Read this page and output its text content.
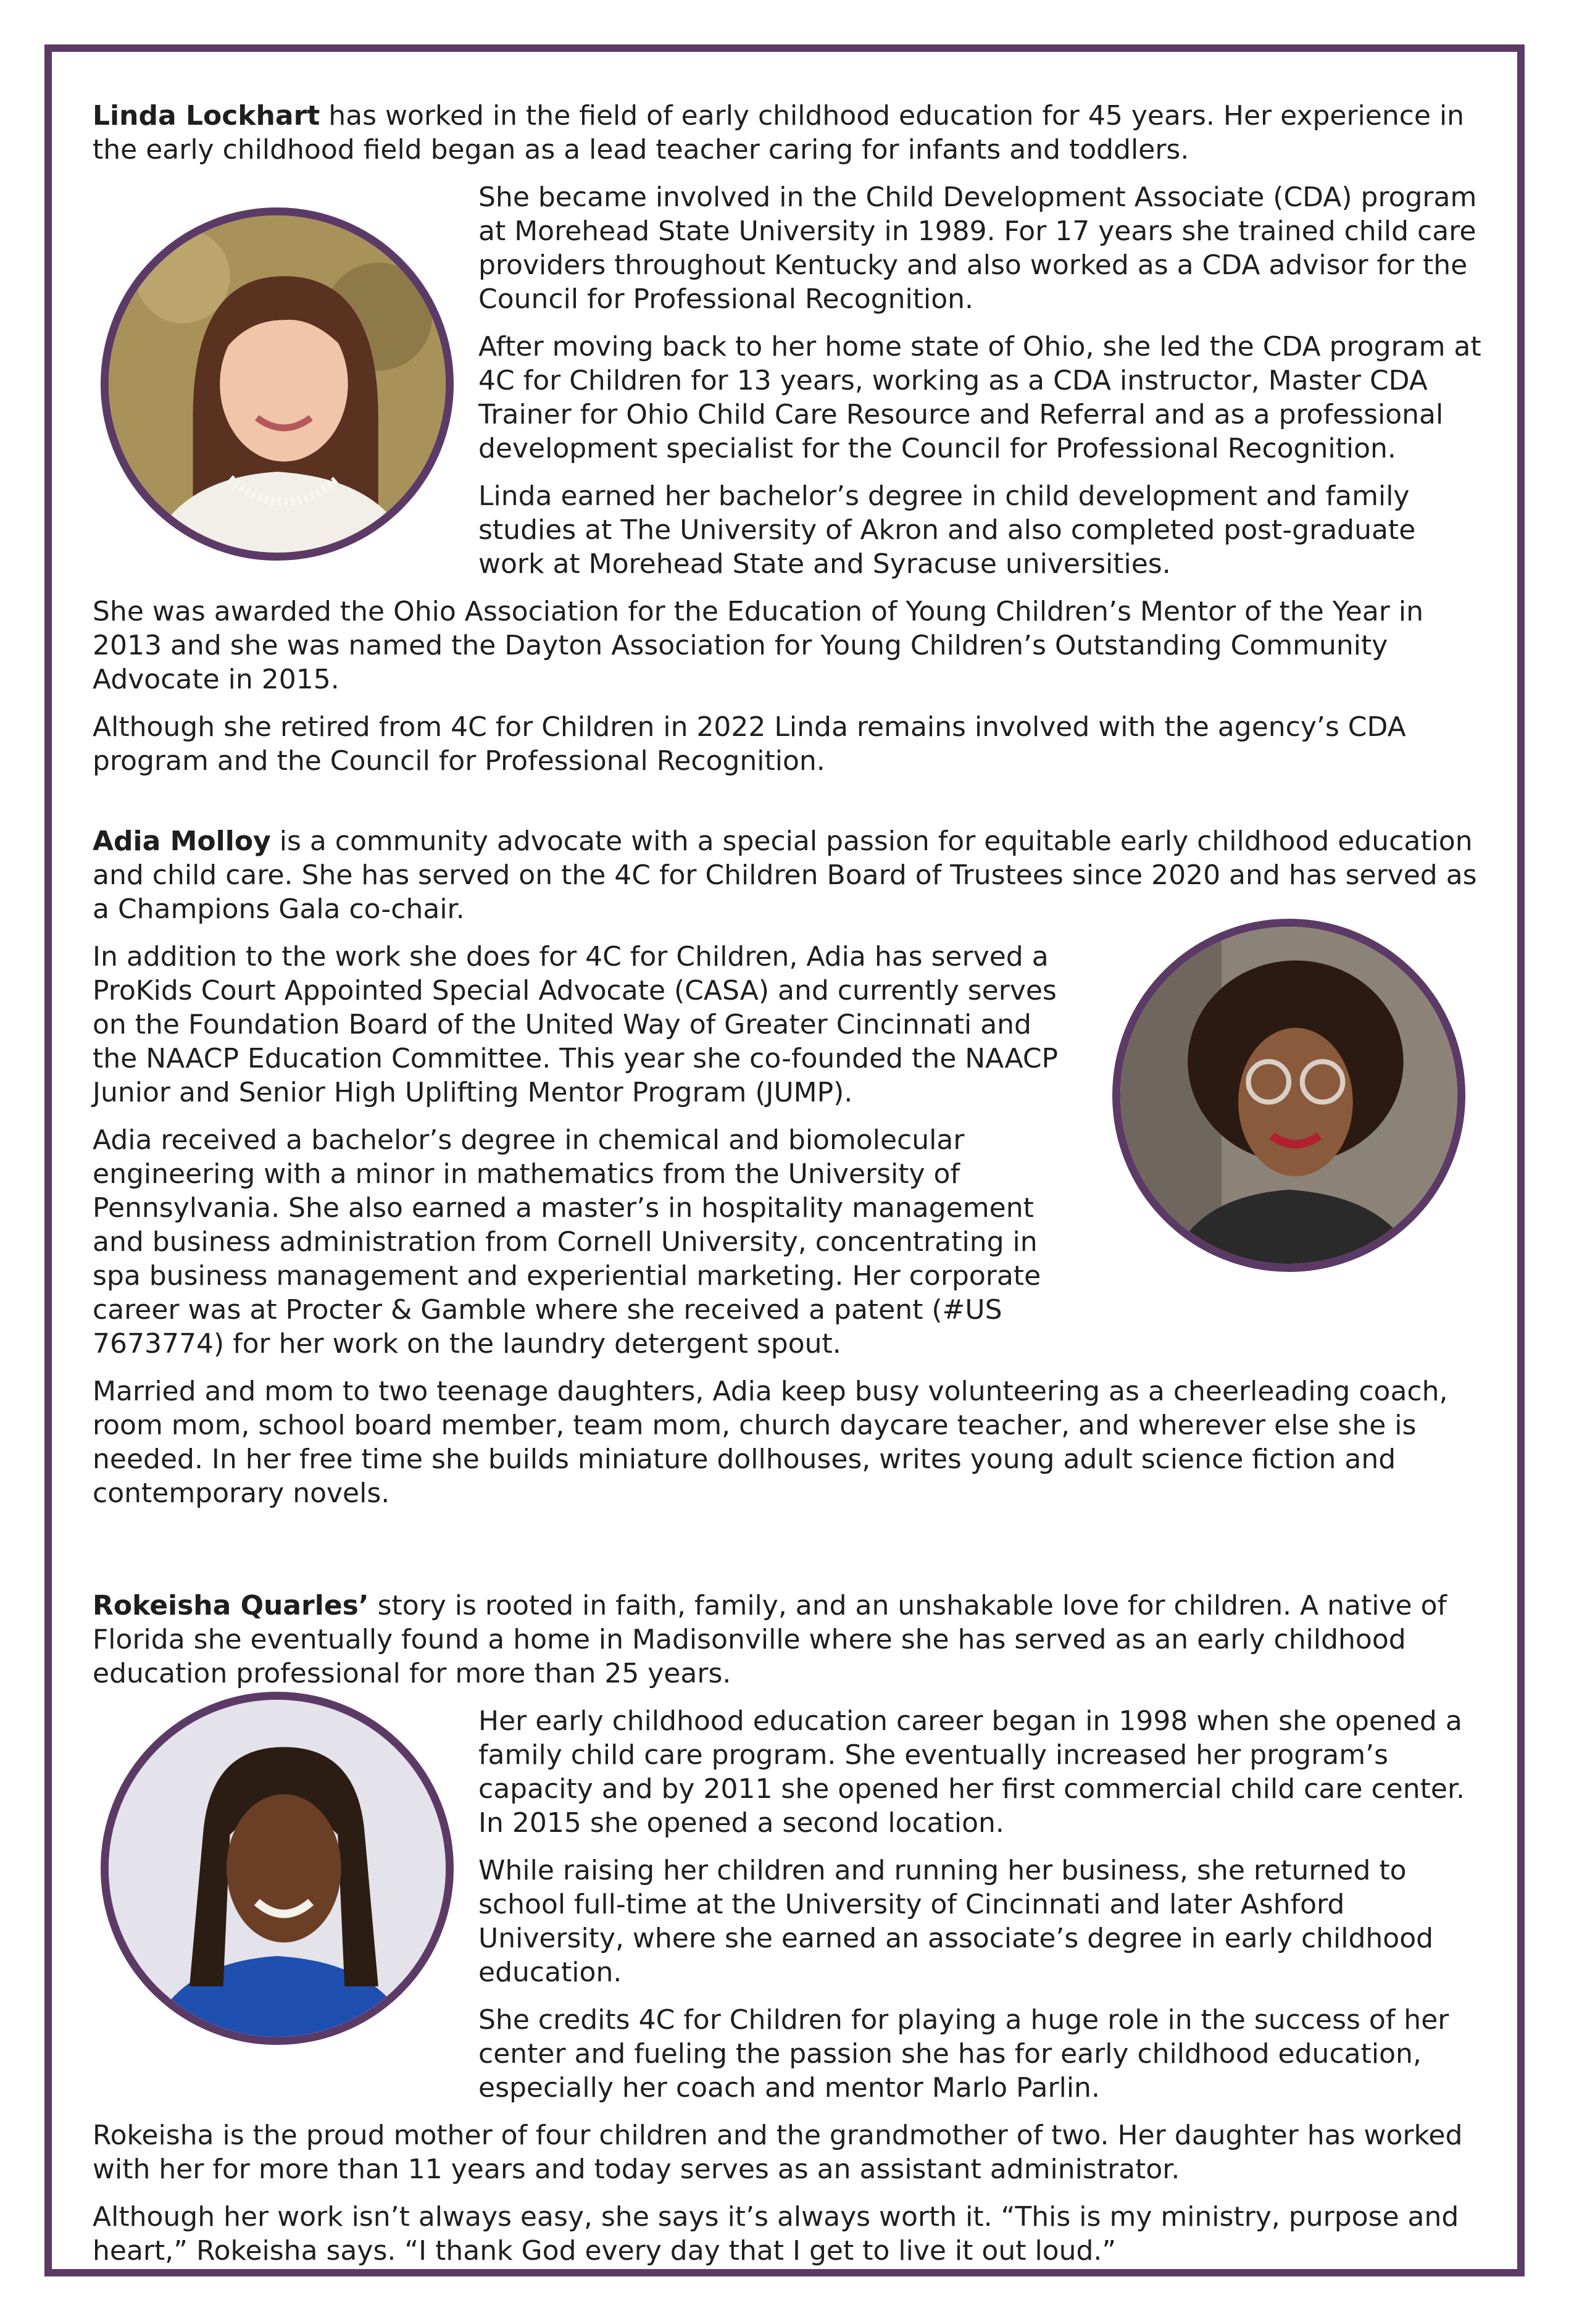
Linda Lockhart has worked in the field of early childhood education for 45 years. Her experience in the early childhood field began as a lead teacher caring for infants and toddlers.

She became involved in the Child Development Associate (CDA) program at Morehead State University in 1989. For 17 years she trained child care providers throughout Kentucky and also worked as a CDA advisor for the Council for Professional Recognition.

After moving back to her home state of Ohio, she led the CDA program at 4C for Children for 13 years, working as a CDA instructor, Master CDA Trainer for Ohio Child Care Resource and Referral and as a professional development specialist for the Council for Professional Recognition.

Linda earned her bachelor’s degree in child development and family studies at The University of Akron and also completed post-graduate work at Morehead State and Syracuse universities.

She was awarded the Ohio Association for the Education of Young Children’s Mentor of the Year in 2013 and she was named the Dayton Association for Young Children’s Outstanding Community Advocate in 2015.

Although she retired from 4C for Children in 2022 Linda remains involved with the agency’s CDA program and the Council for Professional Recognition.

Adia Molloy is a community advocate with a special passion for equitable early childhood education and child care. She has served on the 4C for Children Board of Trustees since 2020 and has served as a Champions Gala co-chair.

In addition to the work she does for 4C for Children, Adia has served a ProKids Court Appointed Special Advocate (CASA) and currently serves on the Foundation Board of the United Way of Greater Cincinnati and the NAACP Education Committee. This year she co-founded the NAACP Junior and Senior High Uplifting Mentor Program (JUMP).

Adia received a bachelor’s degree in chemical and biomolecular engineering with a minor in mathematics from the University of Pennsylvania. She also earned a master’s in hospitality management and business administration from Cornell University, concentrating in spa business management and experiential marketing. Her corporate career was at Procter & Gamble where she received a patent (#US 7673774) for her work on the laundry detergent spout.

Married and mom to two teenage daughters, Adia keep busy volunteering as a cheerleading coach, room mom, school board member, team mom, church daycare teacher, and wherever else she is needed. In her free time she builds miniature dollhouses, writes young adult science fiction and contemporary novels.

Rokeisha Quarles’ story is rooted in faith, family, and an unshakable love for children. A native of Florida she eventually found a home in Madisonville where she has served as an early childhood education professional for more than 25 years.

Her early childhood education career began in 1998 when she opened a family child care program. She eventually increased her program’s capacity and by 2011 she opened her first commercial child care center. In 2015 she opened a second location.

While raising her children and running her business, she returned to school full-time at the University of Cincinnati and later Ashford University, where she earned an associate’s degree in early childhood education.

She credits 4C for Children for playing a huge role in the success of her center and fueling the passion she has for early childhood education, especially her coach and mentor Marlo Parlin.

Rokeisha is the proud mother of four children and the grandmother of two. Her daughter has worked with her for more than 11 years and today serves as an assistant administrator.

Although her work isn’t always easy, she says it’s always worth it. “This is my ministry, purpose and heart,” Rokeisha says. “I thank God every day that I get to live it out loud.”
